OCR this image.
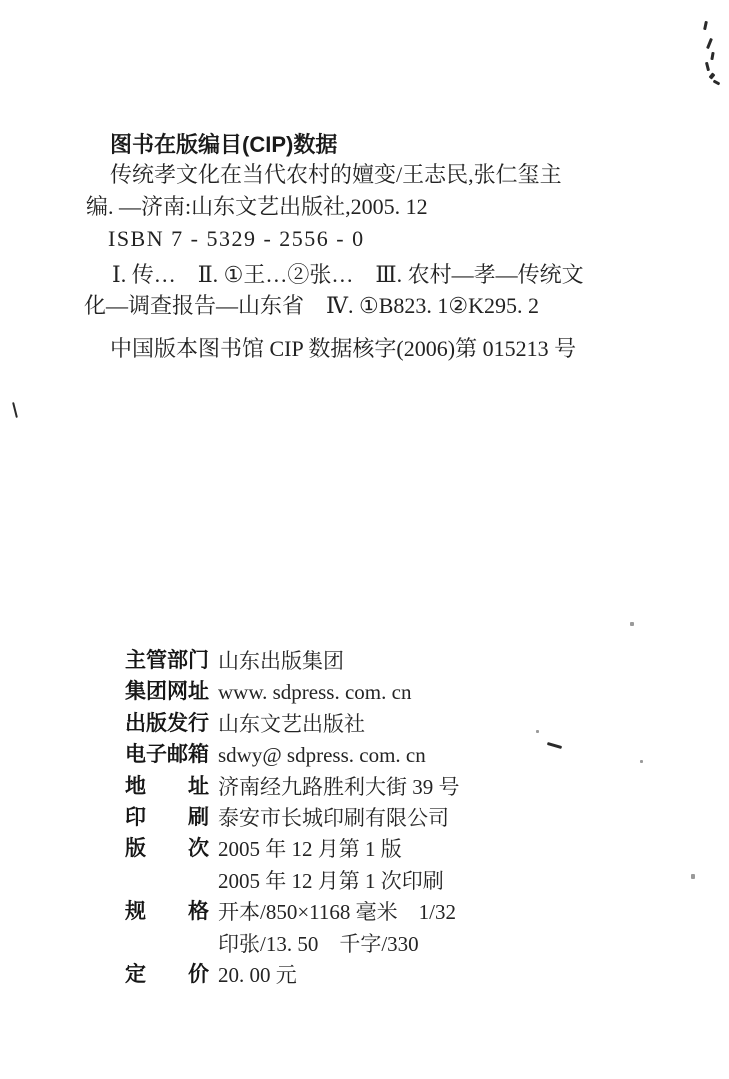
图书在版编目(CIP)数据
传统孝文化在当代农村的嬗变/王志民,张仁玺主
编. —济南:山东文艺出版社,2005. 12
ISBN 7 - 5329 - 2556 - 0
Ⅰ. 传…　Ⅱ. ①王…②张…　Ⅲ. 农村—孝—传统文
化—调查报告—山东省　Ⅳ. ①B823. 1②K295. 2
中国版本图书馆 CIP 数据核字(2006)第 015213 号
主管部门 山东出版集团
集团网址 www. sdpress. com. cn
出版发行 山东文艺出版社
电子邮箱 sdwy@ sdpress. com. cn
地　　址 济南经九路胜利大街 39 号
印　　刷 泰安市长城印刷有限公司
版　　次 2005 年 12 月第 1 版
2005 年 12 月第 1 次印刷
规　　格 开本/850×1168 毫米　1/32
印张/13. 50　千字/330
定　　价 20. 00 元
